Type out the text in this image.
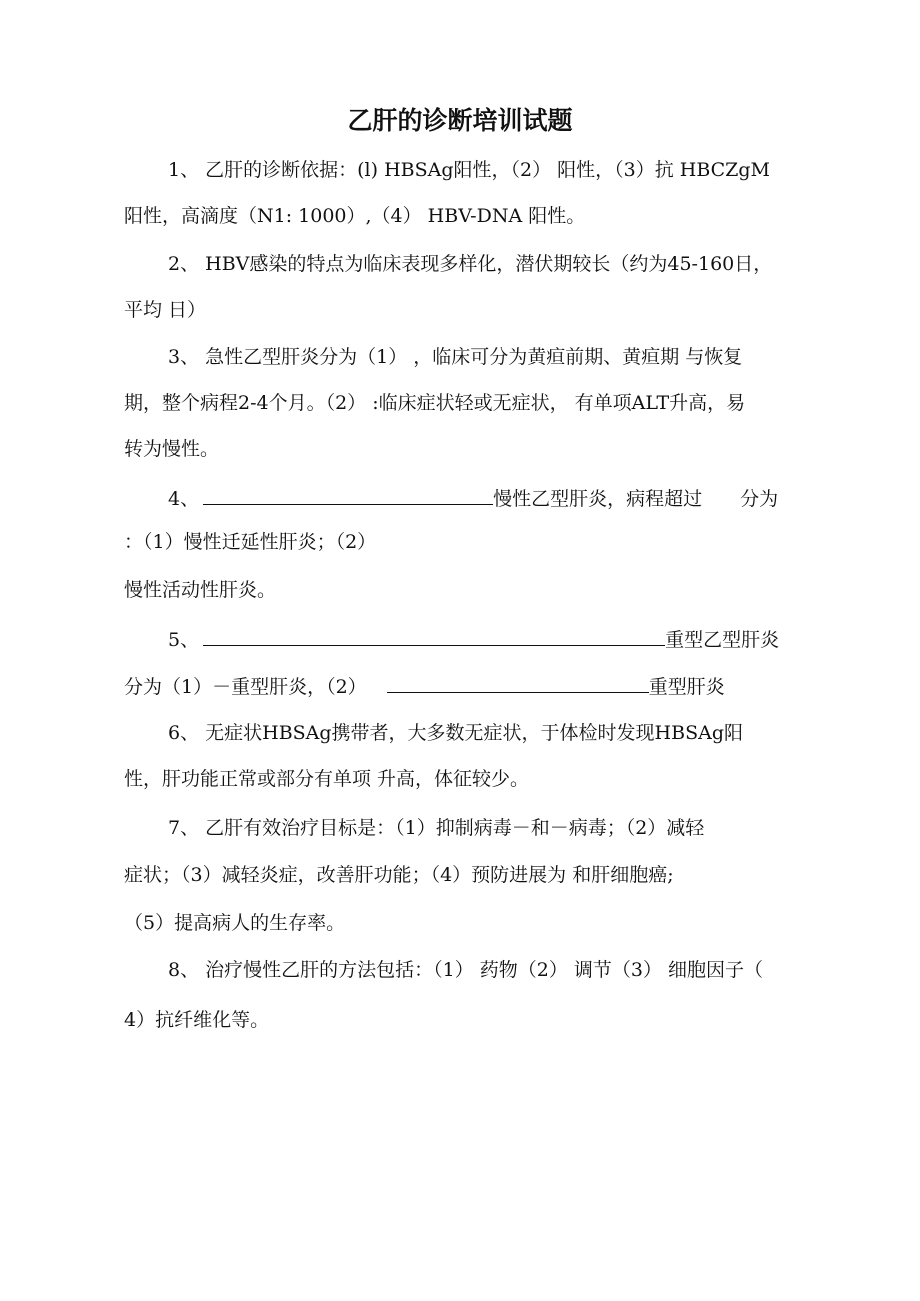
乙肝的诊断培训试题
1、 乙肝的诊断依据：(l) HBSAg阳性，（2） 阳性，（3）抗 HBCZgM
阳性，高滴度（N1: 1000）,（4） HBV-DNA 阳性。
2、 HBV感染的特点为临床表现多样化，潜伏期较长（约为45-160日，
平均 日）
3、 急性乙型肝炎分为（1） ，临床可分为黄疸前期、黄疸期 与恢复
期，整个病程2-4个月。（2） :临床症状轻或无症状， 有单项ALT升高，易
转为慢性。
4、	慢性乙型肝炎，病程超过　　分为
：（1）慢性迁延性肝炎；（2）
慢性活动性肝炎。
5、	重型乙型肝炎
分为（1）－重型肝炎，（2）	重型肝炎
6、 无症状HBSAg携带者，大多数无症状，于体检时发现HBSAg阳
性，肝功能正常或部分有单项 升高，体征较少。
7、 乙肝有效治疗目标是：（1）抑制病毒－和－病毒；（2）减轻
症状；（3）减轻炎症，改善肝功能；（4）预防进展为 和肝细胞癌;
（5）提高病人的生存率。
8、 治疗慢性乙肝的方法包括：（1） 药物（2） 调节（3） 细胞因子（
4）抗纤维化等。
